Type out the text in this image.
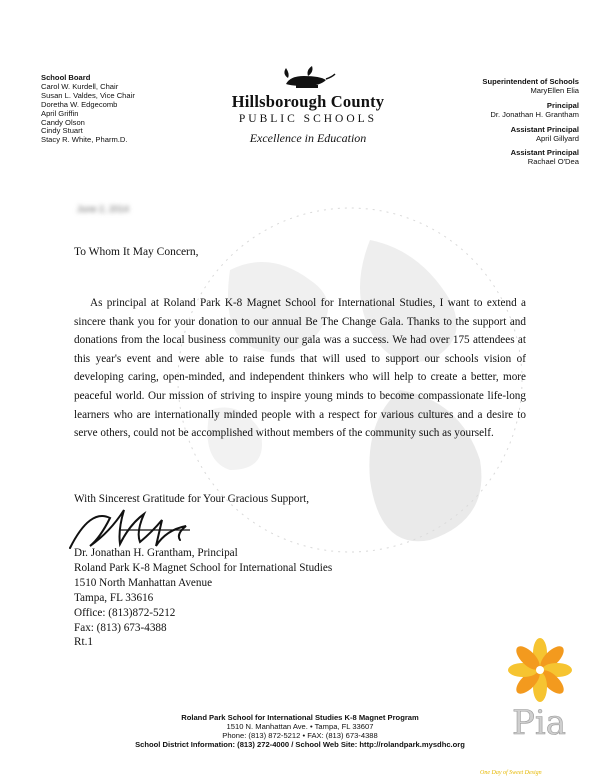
School Board
Carol W. Kurdell, Chair
Susan L. Valdes, Vice Chair
Doretha W. Edgecomb
April Griffin
Candy Olson
Cindy Stuart
Stacy R. White, Pharm.D.
Hillsborough County
PUBLIC SCHOOLS
Excellence in Education
Superintendent of Schools
MaryEllen Elia
Principal
Dr. Jonathan H. Grantham
Assistant Principal
April Gillyard
Assistant Principal
Rachael O'Dea
June 2, 2014
To Whom It May Concern,
As principal at Roland Park K-8 Magnet School for International Studies, I want to extend a sincere thank you for your donation to our annual Be The Change Gala. Thanks to the support and donations from the local business community our gala was a success. We had over 175 attendees at this year's event and were able to raise funds that will used to support our schools vision of developing caring, open-minded, and independent thinkers who will help to create a better, more peaceful world. Our mission of striving to inspire young minds to become compassionate life-long learners who are internationally minded people with a respect for various cultures and a desire to serve others, could not be accomplished without members of the community such as yourself.
With Sincerest Gratitude for Your Gracious Support,
Dr. Jonathan H. Grantham, Principal
Roland Park K-8 Magnet School for International Studies
1510 North Manhattan Avenue
Tampa, FL 33616
Office: (813)872-5212
Fax: (813) 673-4388
Rt.1
Roland Park School for International Studies K-8 Magnet Program
1510 N. Manhattan Ave. • Tampa, FL 33607
Phone: (813) 872-5212 • FAX: (813) 673-4388
School District Information: (813) 272-4000 / School Web Site: http://rolandpark.mysdhc.org
Pia
One Day of Sweet Design
